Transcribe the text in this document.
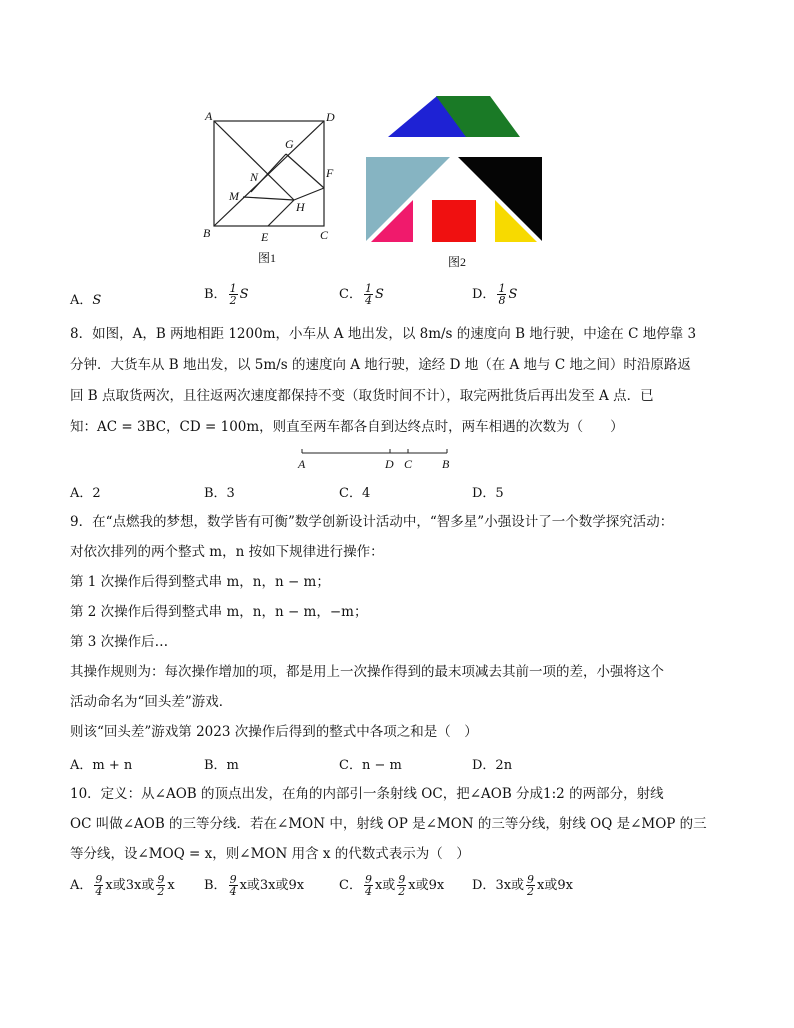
A	D
G
F
N
M
H
B	E	C
图1	图2
A．S	B． $\frac{1}{2}$ S	C． $\frac{1}{4}$ S	D． $\frac{1}{8}$ S
8．如图，A，B 两地相距 1200m，小车从 A 地出发，以 8m/s 的速度向 B 地行驶，中途在 C 地停靠 3
分钟．大货车从 B 地出发，以 5m/s 的速度向 A 地行驶，途经 D 地（在 A 地与 C 地之间）时沿原路返
回 B 点取货两次，且往返两次速度都保持不变（取货时间不计），取完两批货后再出发至 A 点．已
知：AC = 3BC，CD = 100m，则直至两车都各自到达终点时，两车相遇的次数为（　　）
A	D C B
A．2	B．3	C．4	D．5
9．在“点燃我的梦想，数学皆有可衡”数学创新设计活动中，“智多星”小强设计了一个数学探究活动：
对依次排列的两个整式 m，n 按如下规律进行操作：
第 1 次操作后得到整式串 m，n，n − m；
第 2 次操作后得到整式串 m，n，n − m，−m；
第 3 次操作后…
其操作规则为：每次操作增加的项，都是用上一次操作得到的最末项减去其前一项的差，小强将这个
活动命名为“回头差”游戏．
则该“回头差”游戏第 2023 次操作后得到的整式中各项之和是（　）
A．m + n	B．m	C．n − m	D．2n
10．定义：从∠AOB 的顶点出发，在角的内部引一条射线 OC，把∠AOB 分成1:2 的两部分，射线
OC 叫做∠AOB 的三等分线．若在∠MON 中，射线 OP 是∠MON 的三等分线，射线 OQ 是∠MOP 的三
等分线，设∠MOQ = x，则∠MON 用含 x 的代数式表示为（　）
A． $\frac{9}{4}$ x或3x或 $\frac{9}{2}$ x B． $\frac{9}{4}$ x或3x或9x	C． $\frac{9}{4}$ x或 $\frac{9}{2}$ x或9x D．3x或 $\frac{9}{2}$ x或9x
